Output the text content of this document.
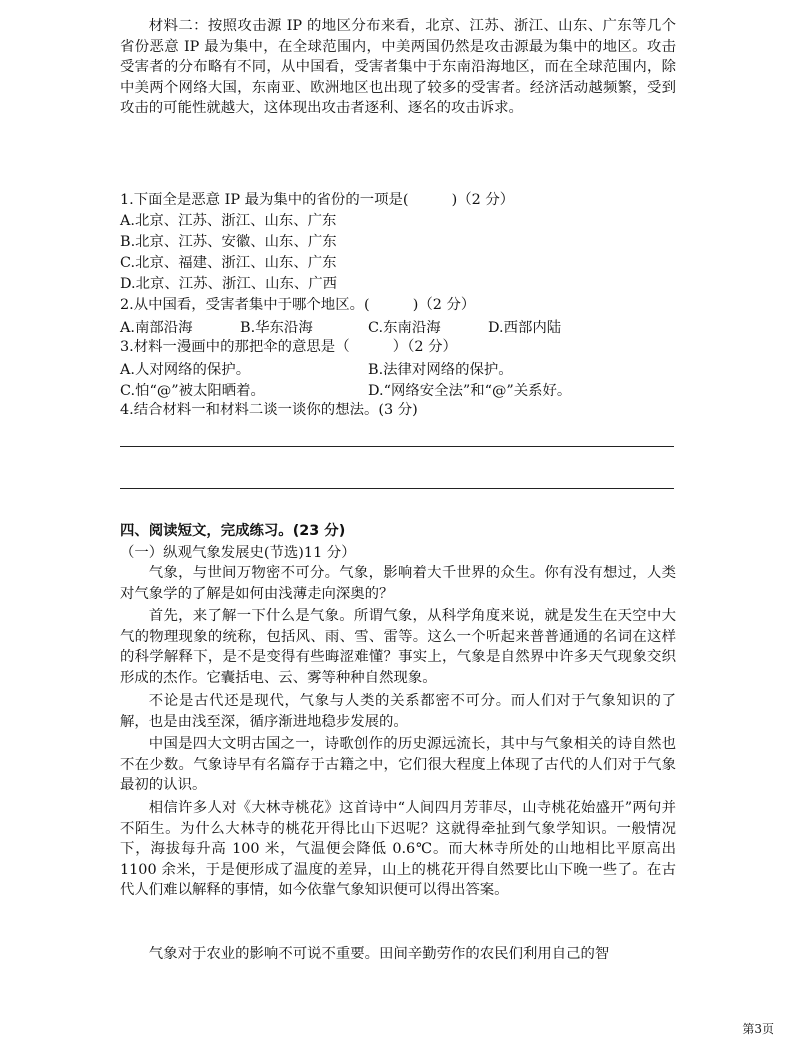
材料二：按照攻击源 IP 的地区分布来看，北京、江苏、浙江、山东、广东等几个省份恶意 IP 最为集中，在全球范围内，中美两国仍然是攻击源最为集中的地区。攻击受害者的分布略有不同，从中国看，受害者集中于东南沿海地区，而在全球范围内，除中美两个网络大国，东南亚、欧洲地区也出现了较多的受害者。经济活动越频繁，受到攻击的可能性就越大，这体现出攻击者逐利、逐名的攻击诉求。

1.下面全是恶意 IP 最为集中的省份的一项是(　　　)（2 分）

A.北京、江苏、浙江、山东、广东

B.北京、江苏、安徽、山东、广东

C.北京、福建、浙江、山东、广东

D.北京、江苏、浙江、山东、广西

2.从中国看，受害者集中于哪个地区。(　　　)（2 分）

A.南部沿海	B.华东沿海	C.东南沿海	D.西部内陆

3.材料一漫画中的那把伞的意思是（　　　）（2 分）

A.人对网络的保护。	B.法律对网络的保护。
C.怕“@”被太阳晒着。	D.“网络安全法”和“@”关系好。

4.结合材料一和材料二谈一谈你的想法。(3 分)

四、阅读短文，完成练习。(23 分)

（一）纵观气象发展史(节选)11 分）

气象，与世间万物密不可分。气象，影响着大千世界的众生。你有没有想过，人类对气象学的了解是如何由浅薄走向深奥的？

首先，来了解一下什么是气象。所谓气象，从科学角度来说，就是发生在天空中大气的物理现象的统称，包括风、雨、雪、雷等。这么一个听起来普普通通的名词在这样的科学解释下，是不是变得有些晦涩难懂？事实上，气象是自然界中许多天气现象交织形成的杰作。它囊括电、云、雾等种种自然现象。

不论是古代还是现代，气象与人类的关系都密不可分。而人们对于气象知识的了解，也是由浅至深，循序渐进地稳步发展的。

中国是四大文明古国之一，诗歌创作的历史源远流长，其中与气象相关的诗自然也不在少数。气象诗早有名篇存于古籍之中，它们很大程度上体现了古代的人们对于气象最初的认识。

相信许多人对《大林寺桃花》这首诗中“人间四月芳菲尽，山寺桃花始盛开”两句并不陌生。为什么大林寺的桃花开得比山下迟呢？这就得牵扯到气象学知识。一般情况下，海拔每升高 100 米，气温便会降低 0.6℃。而大林寺所处的山地相比平原高出 1100 余米，于是便形成了温度的差异，山上的桃花开得自然要比山下晚一些了。在古代人们难以解释的事情，如今依靠气象知识便可以得出答案。

气象对于农业的影响不可说不重要。田间辛勤劳作的农民们利用自己的智

第3页
